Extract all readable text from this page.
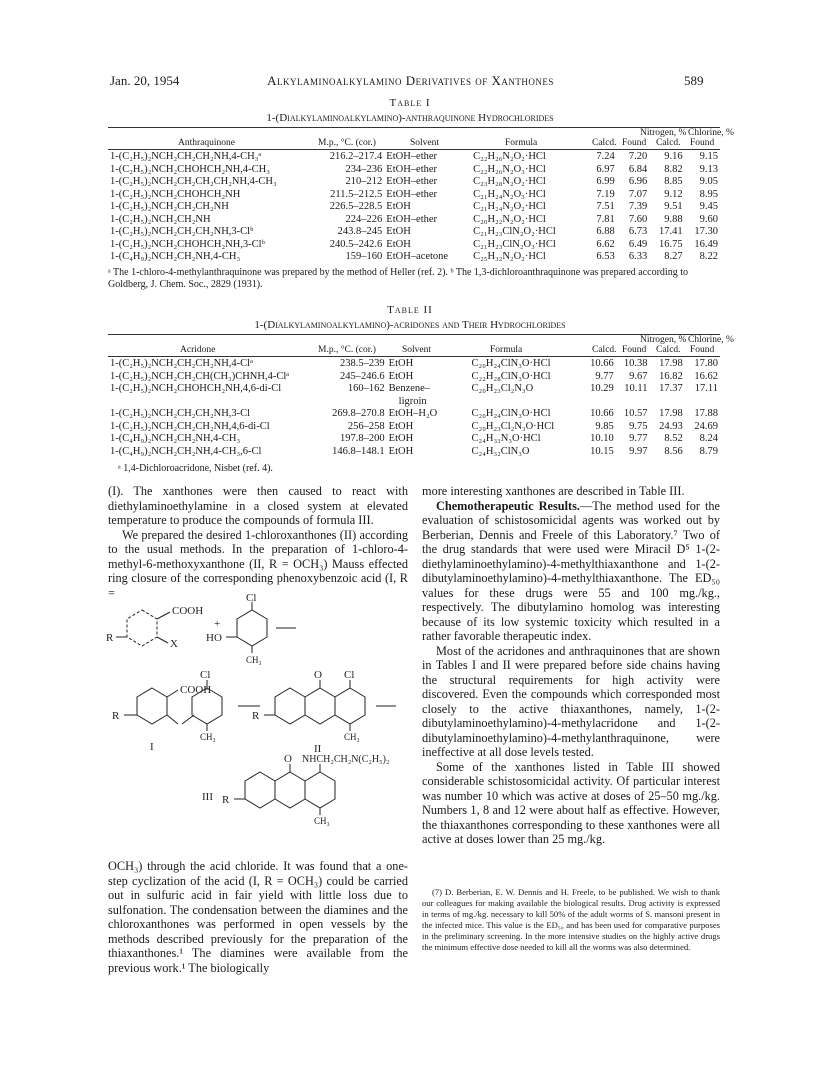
Jan. 20, 1954	Alkylaminoalkylamino Derivatives of Xanthones	589
Table I
1-(Dialkylaminoalkylamino)-anthraquinone Hydrochlorides
Nitrogen, % Chlorine, %
Anthraquinone	M.p., °C. (cor.)	Solvent	Formula	Calcd. Found Calcd. Found
1-(C₂H₅)₂NCH₂CH₂CH₂NH,4-CH₃ᵃ	216.2–217.4	EtOH–ether	C₂₂H₂₆N₂O₂·HCl	7.24	7.20	9.16	9.15
1-(C₂H₅)₂NCH₂CHOHCH₂NH,4-CH₃	234–236	EtOH–ether	C₂₂H₂₆N₂O₃·HCl	6.97	6.84	8.82	9.13
1-(C₂H₅)₂NCH₂CH₂CH₂CH₂NH,4-CH₃	210–212	EtOH–ether	C₂₃H₂₈N₂O₂·HCl	6.99	6.96	8.85	9.05
1-(C₂H₅)₂NCH₂CHOHCH₂NH	211.5–212.5	EtOH–ether	C₂₁H₂₄N₂O₃·HCl	7.19	7.07	9.12	8.95
1-(C₂H₅)₂NCH₂CH₂CH₂NH	226.5–228.5	EtOH	C₂₁H₂₄N₂O₂·HCl	7.51	7.39	9.51	9.45
1-(C₂H₅)₂NCH₂CH₂NH	224–226	EtOH–ether	C₂₀H₂₂N₂O₂·HCl	7.81	7.60	9.88	9.60
1-(C₂H₅)₂NCH₂CH₂CH₂NH,3-Clᵇ	243.8–245	EtOH	C₂₁H₂₃ClN₂O₂·HCl	6.88	6.73	17.41	17.30
1-(C₂H₅)₂NCH₂CHOHCH₂NH,3-Clᵇ	240.5–242.6	EtOH	C₂₁H₂₃ClN₂O₃·HCl	6.62	6.49	16.75	16.49
1-(C₄H₉)₂NCH₂CH₂NH,4-CH₃	159–160	EtOH–acetone	C₂₅H₃₂N₂O₂·HCl	6.53	6.33	8.27	8.22
ᵃ The 1-chloro-4-methylanthraquinone was prepared by the method of Heller (ref. 2). ᵇ The 1,3-dichloroanthraquinone was prepared according to Goldberg, J. Chem. Soc., 2829 (1931).
Table II
1-(Dialkylaminoalkylamino)-acridones and Their Hydrochlorides
Nitrogen, % Chlorine, %
Acridone	M.p., °C. (cor.)	Solvent	Formula	Calcd. Found Calcd. Found
1-(C₂H₅)₂NCH₂CH₂CH₂NH,4-Clᵃ	238.5–239	EtOH	C₂₀H₂₄ClN₃O·HCl	10.66	10.38	17.98	17.80
1-(C₂H₅)₂NCH₂CH₂CH(CH₃)CHNH,4-Clᵃ	245–246.6	EtOH	C₂₂H₂₈ClN₃O·HCl	9.77	9.67	16.82	16.62
1-(C₂H₅)₂NCH₂CHOHCH₂NH,4,6-di-Cl	160–162	Benzene–
ligroin	C₂₀H₂₃Cl₂N₃O	10.29	10.11	17.37	17.11
1-(C₂H₅)₂NCH₂CH₂CH₂NH,3-Cl	269.8–270.8	EtOH–H₂O	C₂₀H₂₄ClN₃O·HCl	10.66	10.57	17.98	17.88
1-(C₂H₅)₂NCH₂CH₂CH₂NH,4,6-di-Cl	256–258	EtOH	C₂₀H₂₃Cl₂N₃O·HCl	9.85	9.75	24.93	24.69
1-(C₄H₉)₂NCH₂CH₂NH,4-CH₃	197.8–200	EtOH	C₂₄H₃₃N₃O·HCl	10.10	9.77	8.52	8.24
1-(C₄H₉)₂NCH₂CH₂NH,4-CH₃,6-Cl	146.8–148.1	EtOH	C₂₄H₃₂ClN₃O	10.15	9.97	8.56	8.79
ᵃ 1,4-Dichloroacridone, Nisbet (ref. 4).

(I). The xanthones were then caused to react with diethylaminoethylamine in a closed system at elevated temperature to produce the compounds of formula III.

We prepared the desired 1-chloroxanthones (II) according to the usual methods. In the preparation of 1-chloro-4-methyl-6-methoxyxanthone (II, R = OCH₃) Mauss effected ring closure of the corresponding phenoxybenzoic acid (I, R =

COOH
R	X
+
HO
Cl
CH₃
COOH
R
Cl
CH₃
I
O Cl
R
CH₃
II
O NHCH₂CH₂N(C₂H₅)₂
III R
CH₃

OCH₃) through the acid chloride. It was found that a one-step cyclization of the acid (I, R = OCH₃) could be carried out in sulfuric acid in fair yield with little loss due to sulfonation. The condensation between the diamines and the chloroxanthones was performed in open vessels by the methods described previously for the preparation of the thiaxanthones.¹ The diamines were available from the previous work.¹ The biologically

more interesting xanthones are described in Table III.

Chemotherapeutic Results.—The method used for the evaluation of schistosomicidal agents was worked out by Berberian, Dennis and Freele of this Laboratory.⁷ Two of the drug standards that were used were Miracil D⁵ 1-(2-diethylaminoethylamino)-4-methylthiaxanthone and 1-(2-dibutylaminoethylamino)-4-methylthiaxanthone. The ED₅₀ values for these drugs were 55 and 100 mg./kg., respectively. The dibutylamino homolog was interesting because of its low systemic toxicity which resulted in a rather favorable therapeutic index.

Most of the acridones and anthraquinones that are shown in Tables I and II were prepared before side chains having the structural requirements for high activity were discovered. Even the compounds which corresponded most closely to the active thiaxanthones, namely, 1-(2-dibutylaminoethylamino)-4-methylacridone and 1-(2-dibutylaminoethylamino)-4-methylanthraquinone, were ineffective at all dose levels tested.

Some of the xanthones listed in Table III showed considerable schistosomicidal activity. Of particular interest was number 10 which was active at doses of 25–50 mg./kg. Numbers 1, 8 and 12 were about half as effective. However, the thiaxanthones corresponding to these xanthones were all active at doses lower than 25 mg./kg.

(7) D. Berberian, E. W. Dennis and H. Freele, to be published. We wish to thank our colleagues for making available the biological results. Drug activity is expressed in terms of mg./kg. necessary to kill 50% of the adult worms of S. mansoni present in the infected mice. This value is the ED₅₀ and has been used for comparative purposes in the preliminary screening. In the more intensive studies on the highly active drugs the minimum effective dose needed to kill all the worms was also determined.
